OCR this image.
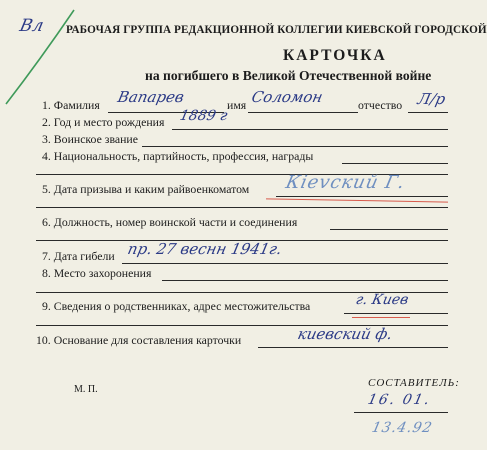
Вл РАБОЧАЯ ГРУППА РЕДАКЦИОННОЙ КОЛЛЕГИИ КИЕВСКОЙ ГОРОДСКОЙ
КАРТОЧКА
на погибшего в Великой Отечественной войне
1. Фамилия Вапарев	имя Соломон	отчество Л/р
2. Год и место рождения 1889 г
3. Воинское звание
4. Национальность, партийность, профессия, награды
5. Дата призыва и каким райвоенкоматом Кievский Г.
6. Должность, номер воинской части и соединения
7. Дата гибели пр. 27 веснн 1941г.
8. Место захоронения
9. Сведения о родственниках, адрес местожительства	г. Киев
10. Основание для составления карточки	киевский ф.
М. П.
СОСТАВИТЕЛЬ:
16. 01.
13.4.92
